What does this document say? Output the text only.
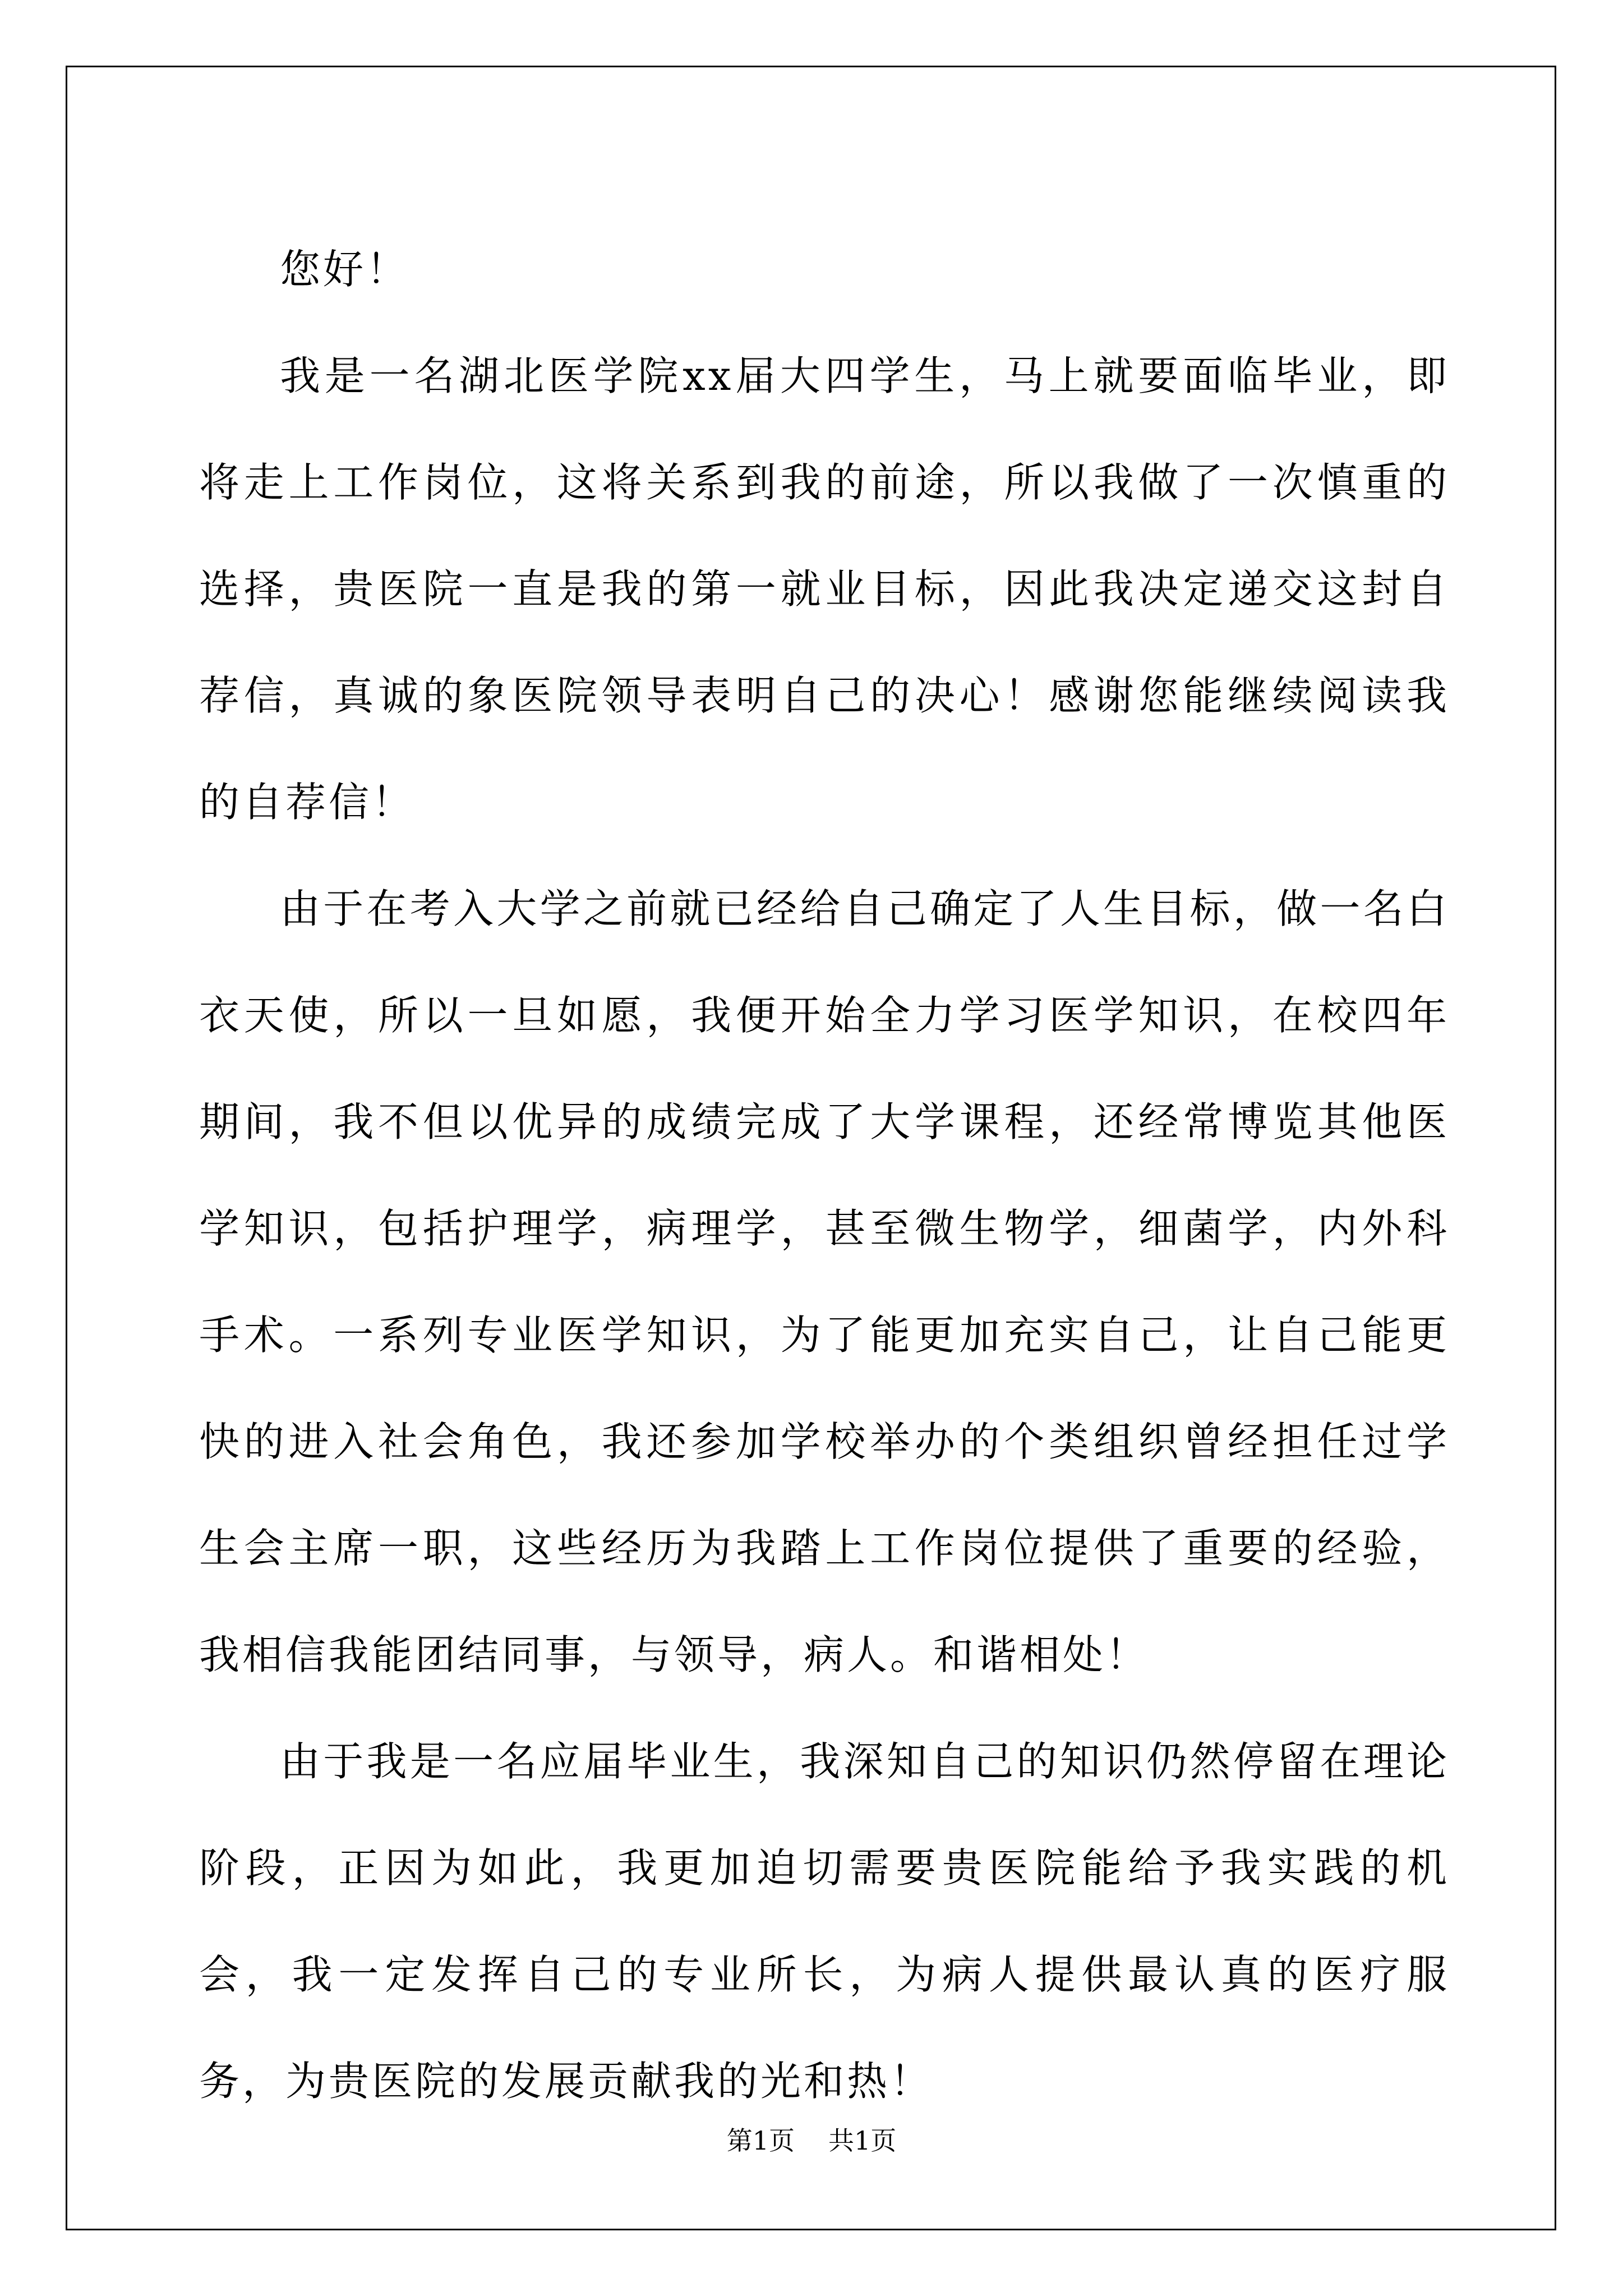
您好！

我是一名湖北医学院xx届大四学生，马上就要面临毕业，即将走上工作岗位，这将关系到我的前途，所以我做了一次慎重的选择，贵医院一直是我的第一就业目标，因此我决定递交这封自荐信，真诚的象医院领导表明自己的决心！感谢您能继续阅读我的自荐信！

由于在考入大学之前就已经给自己确定了人生目标，做一名白衣天使，所以一旦如愿，我便开始全力学习医学知识，在校四年期间，我不但以优异的成绩完成了大学课程，还经常博览其他医学知识，包括护理学，病理学，甚至微生物学，细菌学，内外科手术。一系列专业医学知识，为了能更加充实自己，让自己能更快的进入社会角色，我还参加学校举办的个类组织曾经担任过学生会主席一职，这些经历为我踏上工作岗位提供了重要的经验，我相信我能团结同事，与领导，病人。和谐相处！

由于我是一名应届毕业生，我深知自己的知识仍然停留在理论阶段，正因为如此，我更加迫切需要贵医院能给予我实践的机会，我一定发挥自己的专业所长，为病人提供最认真的医疗服务，为贵医院的发展贡献我的光和热！

第1页 共1页
